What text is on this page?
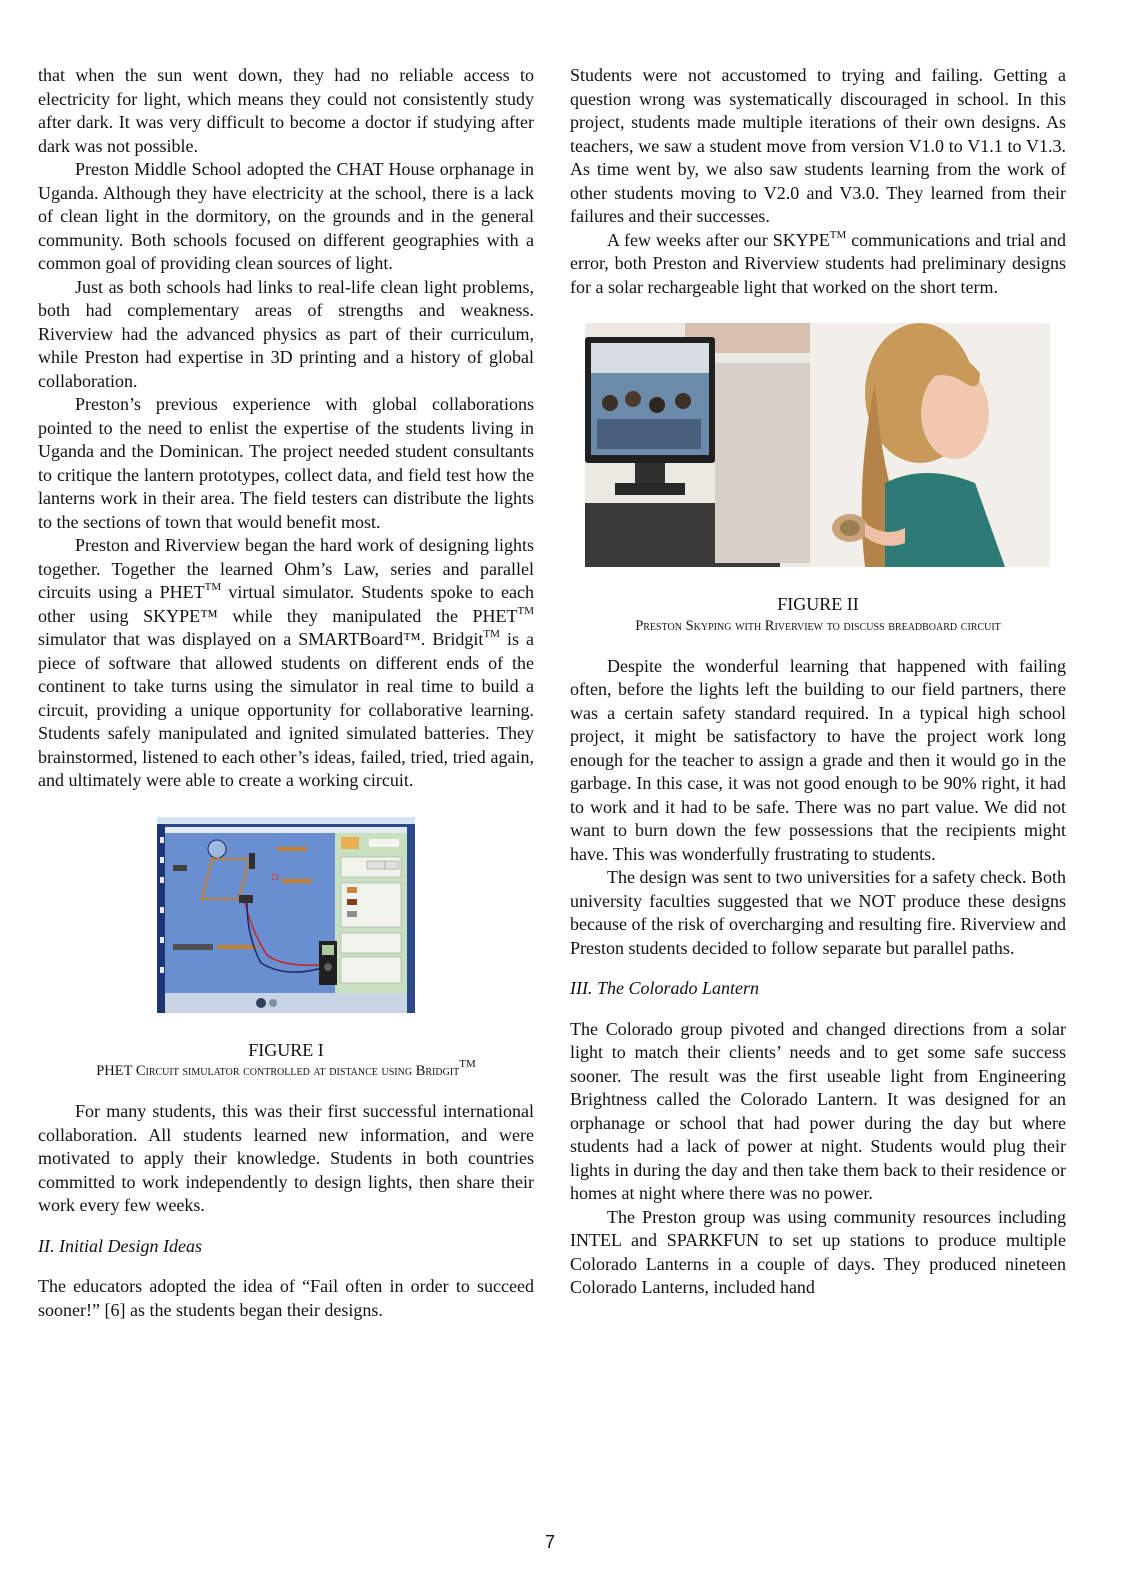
that when the sun went down, they had no reliable access to electricity for light, which means they could not consistently study after dark. It was very difficult to become a doctor if studying after dark was not possible.

Preston Middle School adopted the CHAT House orphanage in Uganda. Although they have electricity at the school, there is a lack of clean light in the dormitory, on the grounds and in the general community. Both schools focused on different geographies with a common goal of providing clean sources of light.

Just as both schools had links to real-life clean light problems, both had complementary areas of strengths and weakness. Riverview had the advanced physics as part of their curriculum, while Preston had expertise in 3D printing and a history of global collaboration.

Preston’s previous experience with global collaborations pointed to the need to enlist the expertise of the students living in Uganda and the Dominican. The project needed student consultants to critique the lantern prototypes, collect data, and field test how the lanterns work in their area. The field testers can distribute the lights to the sections of town that would benefit most.

Preston and Riverview began the hard work of designing lights together. Together the learned Ohm’s Law, series and parallel circuits using a PHET™ virtual simulator. Students spoke to each other using SKYPE™ while they manipulated the PHET™ simulator that was displayed on a SMARTBoard™. Bridgit™ is a piece of software that allowed students on different ends of the continent to take turns using the simulator in real time to build a circuit, providing a unique opportunity for collaborative learning. Students safely manipulated and ignited simulated batteries. They brainstormed, listened to each other’s ideas, failed, tried, tried again, and ultimately were able to create a working circuit.

FIGURE I
PHET Circuit simulator controlled at distance using Bridgit™

For many students, this was their first successful international collaboration. All students learned new information, and were motivated to apply their knowledge. Students in both countries committed to work independently to design lights, then share their work every few weeks.

II. Initial Design Ideas

The educators adopted the idea of “Fail often in order to succeed sooner!” [6] as the students began their designs.

Students were not accustomed to trying and failing. Getting a question wrong was systematically discouraged in school. In this project, students made multiple iterations of their own designs. As teachers, we saw a student move from version V1.0 to V1.1 to V1.3. As time went by, we also saw students learning from the work of other students moving to V2.0 and V3.0. They learned from their failures and their successes.

A few weeks after our SKYPE™ communications and trial and error, both Preston and Riverview students had preliminary designs for a solar rechargeable light that worked on the short term.

FIGURE II
Preston Skyping with Riverview to discuss breadboard circuit

Despite the wonderful learning that happened with failing often, before the lights left the building to our field partners, there was a certain safety standard required. In a typical high school project, it might be satisfactory to have the project work long enough for the teacher to assign a grade and then it would go in the garbage. In this case, it was not good enough to be 90% right, it had to work and it had to be safe. There was no part value. We did not want to burn down the few possessions that the recipients might have. This was wonderfully frustrating to students.

The design was sent to two universities for a safety check. Both university faculties suggested that we NOT produce these designs because of the risk of overcharging and resulting fire. Riverview and Preston students decided to follow separate but parallel paths.

III. The Colorado Lantern

The Colorado group pivoted and changed directions from a solar light to match their clients’ needs and to get some safe success sooner. The result was the first useable light from Engineering Brightness called the Colorado Lantern. It was designed for an orphanage or school that had power during the day but where students had a lack of power at night. Students would plug their lights in during the day and then take them back to their residence or homes at night where there was no power.

The Preston group was using community resources including INTEL and SPARKFUN to set up stations to produce multiple Colorado Lanterns in a couple of days. They produced nineteen Colorado Lanterns, included hand

7
